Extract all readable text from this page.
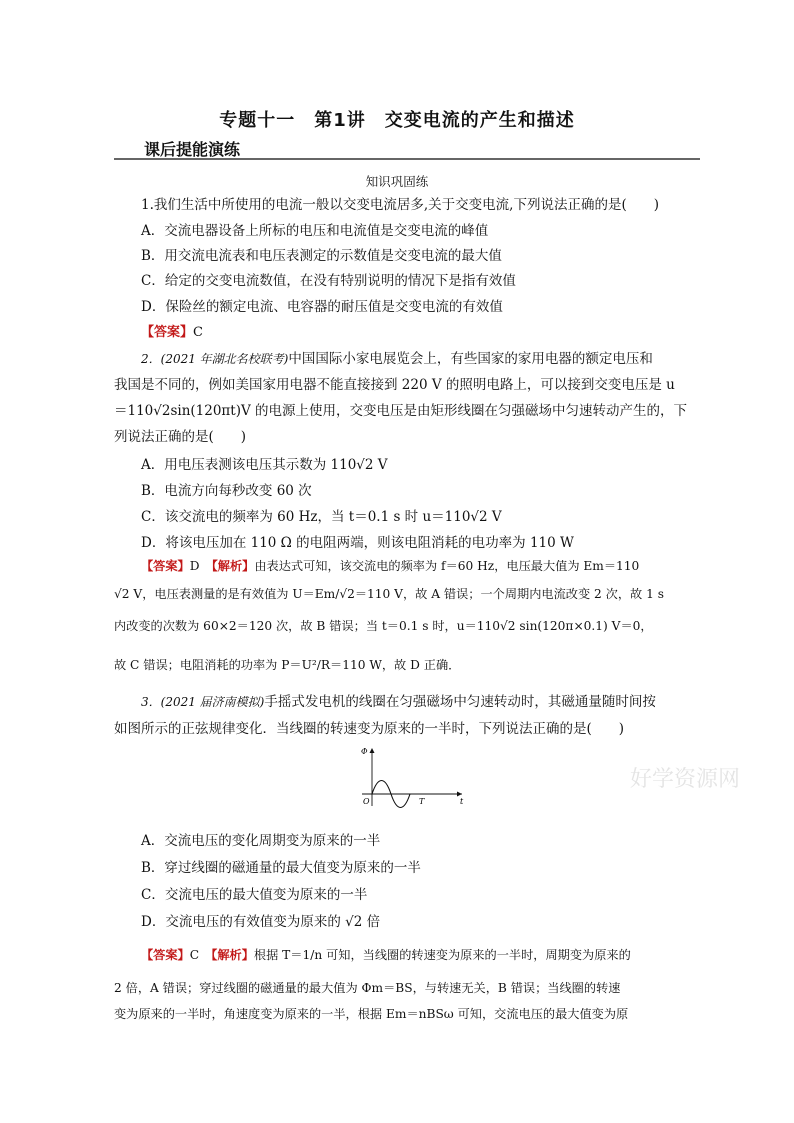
专题十一　第1讲　交变电流的产生和描述
课后提能演练
知识巩固练
1.我们生活中所使用的电流一般以交变电流居多,关于交变电流,下列说法正确的是(　　)
A．交流电器设备上所标的电压和电流值是交变电流的峰值
B．用交流电流表和电压表测定的示数值是交变电流的最大值
C．给定的交变电流数值，在没有特别说明的情况下是指有效值
D．保险丝的额定电流、电容器的耐压值是交变电流的有效值
【答案】C
2．(2021 年湖北名校联考)中国国际小家电展览会上，有些国家的家用电器的额定电压和
我国是不同的，例如美国家用电器不能直接接到 220 V 的照明电路上，可以接到交变电压是 u
＝110√2sin(120πt)V 的电源上使用，交变电压是由矩形线圈在匀强磁场中匀速转动产生的，下
列说法正确的是(　　)
A．用电压表测该电压其示数为 110√2 V
B．电流方向每秒改变 60 次
C．该交流电的频率为 60 Hz，当 t＝0.1 s 时 u＝110√2 V
D．将该电压加在 110 Ω 的电阻两端，则该电阻消耗的电功率为 110 W
【答案】D　 【解析】由表达式可知，该交流电的频率为 f＝60 Hz，电压最大值为 Em＝110
√2 V，电压表测量的是有效值为 U＝Em/√2＝110 V，故 A 错误；一个周期内电流改变 2 次，故 1 s
内改变的次数为 60×2＝120 次，故 B 错误；当 t＝0.1 s 时，u＝110√2 sin(120π×0.1) V＝0，
故 C 错误；电阻消耗的功率为 P＝U²/R＝110 W，故 D 正确．
3．(2021 届济南模拟)手摇式发电机的线圈在匀强磁场中匀速转动时，其磁通量随时间按
如图所示的正弦规律变化．当线圈的转速变为原来的一半时，下列说法正确的是(　　)
Φ
t
O	T
好学资源网
A．交流电压的变化周期变为原来的一半
B．穿过线圈的磁通量的最大值变为原来的一半
C．交流电压的最大值变为原来的一半
D．交流电压的有效值变为原来的 √2 倍
【答案】C　 【解析】根据 T＝1/n 可知，当线圈的转速变为原来的一半时，周期变为原来的
2 倍，A 错误；穿过线圈的磁通量的最大值为 Φm＝BS，与转速无关，B 错误；当线圈的转速
变为原来的一半时，角速度变为原来的一半，根据 Em＝nBSω 可知，交流电压的最大值变为原
